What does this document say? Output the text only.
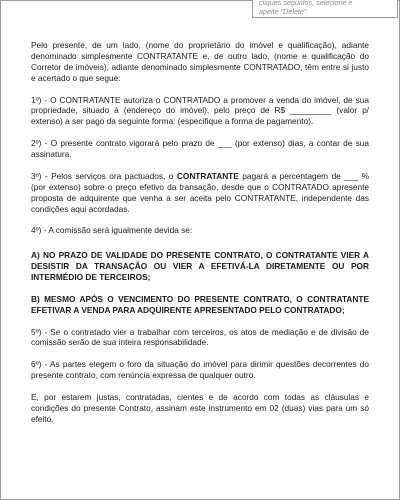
cliques seguidos, selecione e
apeite "Delete"

Pelo presente, de um lado, (nome do proprietário do imóvel e qualificação), adiante denominado simplesmente CONTRATANTE e, de outro lado, (nome e qualificação do Corretor de imóveis), adiante denominado simplesmente CONTRATADO, têm entre si justo e acertado o que segue:

1º) - O CONTRATANTE autoriza o CONTRATADO a promover a venda do imóvel, de sua propriedade, situado à (endereço do imóvel), pelo preço de R$ _________ (valor p/ extenso) a ser pago da seguinte forma: (especifique a forma de pagamento).

2º) - O presente contrato vigorará pelo prazo de ___ (por extenso) dias, a contar de sua assinatura.

3º) - Pelos serviços ora pactuados, o CONTRATANTE pagará a percentagem de ___ % (por extenso) sobre o preço efetivo da transação, desde que o CONTRATADO apresente proposta de adquirente que venha a ser aceita pelo CONTRATANTE, independente das condições aqui acordadas.

4º) - A comissão será igualmente devida se:

A) NO PRAZO DE VALIDADE DO PRESENTE CONTRATO, O CONTRATANTE VIER A DESISTIR DA TRANSAÇÃO OU VIER A EFETIVÁ-LA DIRETAMENTE OU POR INTERMÉDIO DE TERCEIROS;

B) MESMO APÓS O VENCIMENTO DO PRESENTE CONTRATO, O CONTRATANTE EFETIVAR A VENDA PARA ADQUIRENTE APRESENTADO PELO CONTRATADO;

5º) - Se o contratado vier a trabalhar com terceiros, os atos de mediação e de divisão de comissão serão de sua inteira responsabilidade.

6º) - As partes elegem o foro da situação do imóvel para dirimir questões decorrentes do presente contrato, com renúncia expressa de qualquer outro.

E, por estarem justas, contratadas, cientes e de acordo com todas as cláusulas e condições do presente Contrato, assinam este instrumento em 02 (duas) vias para um só efeito.
